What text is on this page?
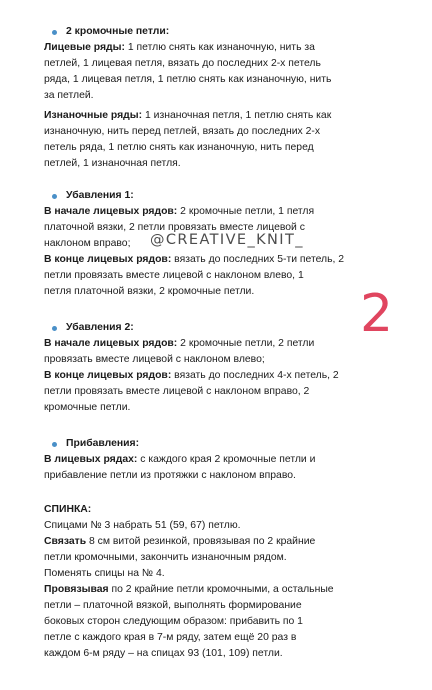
2 кромочные петли:
Лицевые ряды: 1 петлю снять как изнаночную, нить за
петлей, 1 лицевая петля, вязать до последних 2-х петель
ряда, 1 лицевая петля, 1 петлю снять как изнаночную, нить
за петлей.
Изнаночные ряды: 1 изнаночная петля, 1 петлю снять как
изнаночную, нить перед петлей, вязать до последних 2-х
петель ряда, 1 петлю снять как изнаночную, нить перед
петлей, 1 изнаночная петля.
Убавления 1:
В начале лицевых рядов: 2 кромочные петли, 1 петля
платочной вязки, 2 петли провязать вместе лицевой с
наклоном вправо;
В конце лицевых рядов: вязать до последних 5-ти петель, 2
петли провязать вместе лицевой с наклоном влево, 1
петля платочной вязки, 2 кромочные петли.
@CREATIVE_KNIT_
2
Убавления 2:
В начале лицевых рядов: 2 кромочные петли, 2 петли
провязать вместе лицевой с наклоном влево;
В конце лицевых рядов: вязать до последних 4-х петель, 2
петли провязать вместе лицевой с наклоном вправо, 2
кромочные петли.
Прибавления:
В лицевых рядах: с каждого края 2 кромочные петли и
прибавление петли из протяжки с наклоном вправо.
СПИНКА:
Спицами № 3 набрать 51 (59, 67) петлю.
Связать 8 см витой резинкой, провязывая по 2 крайние
петли кромочными, закончить изнаночным рядом.
Поменять спицы на № 4.
Провязывая по 2 крайние петли кромочными, а остальные
петли – платочной вязкой, выполнять формирование
боковых сторон следующим образом: прибавить по 1
петле с каждого края в 7-м ряду, затем ещё 20 раз в
каждом 6-м ряду – на спицах 93 (101, 109) петли.
